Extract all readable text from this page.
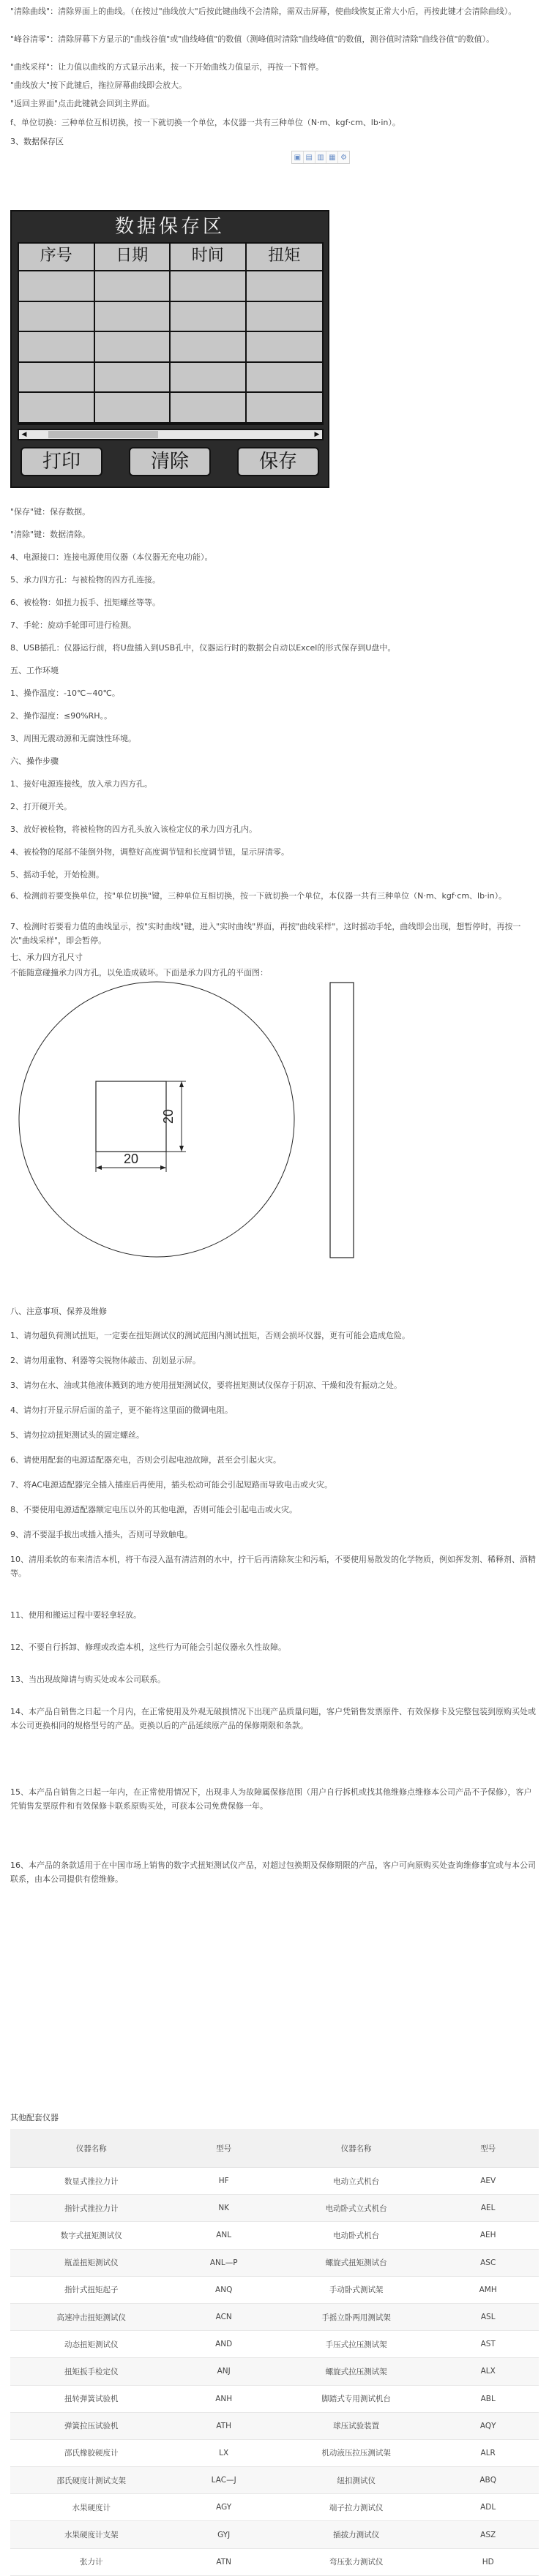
"清除曲线"：清除界面上的曲线。（在按过"曲线放大"后按此键曲线不会清除，需双击屏幕，使曲线恢复正常大小后，再按此键才会清除曲线）。

"峰谷清零"：清除屏幕下方显示的"曲线谷值"或"曲线峰值"的数值（测峰值时清除"曲线峰值"的数值，测谷值时清除"曲线谷值"的数值）。

"曲线采样"：让力值以曲线的方式显示出来，按一下开始曲线力值显示，再按一下暂停。

"曲线放大"按下此键后，拖拉屏幕曲线即会放大。

"返回主界面"点击此键就会回到主界面。

f、单位切换：三种单位互相切换，按一下就切换一个单位，本仪器一共有三种单位（N·m、kgf·cm、lb·in）。

3、数据保存区

▣ ▤ ▥ ▦ ⚙
数据保存区
序号	日期	时间	扭矩
◀	▶
打印	清除	保存

"保存"键：保存数据。

"清除"键：数据清除。

4、电源接口：连接电源使用仪器（本仪器无充电功能）。

5、承力四方孔：与被检物的四方孔连接。

6、被检物：如扭力扳手、扭矩螺丝等等。

7、手轮：旋动手轮即可进行检测。

8、USB插孔：仪器运行前，将U盘插入到USB孔中，仪器运行时的数据会自动以Excel的形式保存到U盘中。

五、工作环境

1、操作温度：-10℃~40℃。

2、操作湿度：≤90%RH。。

3、周围无震动源和无腐蚀性环境。

六、操作步骤

1、接好电源连接线，放入承力四方孔。

2、打开硬开关。

3、放好被检物，将被检物的四方孔头放入该检定仪的承力四方孔内。

4、被检物的尾部不能倒外物，调整好高度调节钮和长度调节钮，显示屏清零。

5、摇动手轮，开始检测。

6、检测前若要变换单位，按"单位切换"键，三种单位互相切换，按一下就切换一个单位，本仪器一共有三种单位（N·m、kgf·cm、lb·in）。

7、检测时若要看力值的曲线显示，按"实时曲线"键，进入"实时曲线"界面，再按"曲线采样"，这时摇动手轮，曲线即会出现，想暂停时，再按一次"曲线采样"，即会暂停。

七、承力四方孔尺寸

不能随意碰撞承力四方孔，以免造成破坏。下面是承力四方孔的平面图：

20
20

八、注意事项、保养及维修

1、请勿超负荷测试扭矩，一定要在扭矩测试仪的测试范围内测试扭矩，否则会损坏仪器，更有可能会造成危险。

2、请勿用重物、利器等尖锐物体敲击、刮划显示屏。

3、请勿在水、油或其他液体溅到的地方使用扭矩测试仪，要将扭矩测试仪保存于阴凉、干燥和没有振动之处。

4、请勿打开显示屏后面的盖子，更不能将这里面的微调电阻。

5、请勿拉动扭矩测试头的固定螺丝。

6、请使用配套的电源适配器充电，否则会引起电池故障，甚至会引起火灾。

7、将AC电源适配器完全插入插座后再使用，插头松动可能会引起短路而导致电击或火灾。

8、不要使用电源适配器额定电压以外的其他电源，否则可能会引起电击或火灾。

9、清不要湿手拔出或插入插头，否则可导致触电。

10、清用柔软的布来清洁本机，将干布浸入温有清洁剂的水中，拧干后再清除灰尘和污垢，不要使用易散发的化学物质，例如挥发剂、稀释剂、酒精等。

11、使用和搬运过程中要轻拿轻放。

12、不要自行拆卸、修理或改造本机，这些行为可能会引起仪器永久性故障。

13、当出现故障请与购买处或本公司联系。

14、本产品自销售之日起一个月内，在正常使用及外观无破损情况下出现产品质量问题，客户凭销售发票原件、有效保修卡及完整包装到原购买处或本公司更换相同的规格型号的产品。更换以后的产品延续原产品的保修期限和条款。

15、本产品自销售之日起一年内，在正常使用情况下，出现非人为故障属保修范围（用户自行拆机或找其他维修点维修本公司产品不予保修），客户凭销售发票原件和有效保修卡联系原购买处，可获本公司免费保修一年。

16、本产品的条款适用于在中国市场上销售的数字式扭矩测试仪产品，对超过包换期及保修期限的产品，客户可向原购买处查询维修事宜或与本公司联系，由本公司提供有偿维修。

其他配套仪器

仪器名称	型号	仪器名称	型号
数显式推拉力计	HF	电动立式机台	AEV
指针式推拉力计	NK	电动卧式立式机台	AEL
数字式扭矩测试仪	ANL	电动卧式机台	AEH
瓶盖扭矩测试仪	ANL—P	螺旋式扭矩测试台	ASC
指针式扭矩起子	ANQ	手动卧式测试架	AMH
高速冲击扭矩测试仪	ACN	手摇立卧两用测试架	ASL
动态扭矩测试仪	AND	手压式拉压测试架	AST
扭矩扳手检定仪	ANJ	螺旋式拉压测试架	ALX
扭转弹簧试验机	ANH	脚踏式专用测试机台	ABL
弹簧拉压试验机	ATH	球压试验装置	AQY
邵氏橡胶硬度计	LX	机动液压拉压测试架	ALR
邵氏硬度计测试支架	LAC—J	纽扣测试仪	ABQ
水果硬度计	AGY	端子拉力测试仪	ADL
水果硬度计支架	GYJ	插拔力测试仪	ASZ
张力计	ATN	弯压张力测试仪	HD
